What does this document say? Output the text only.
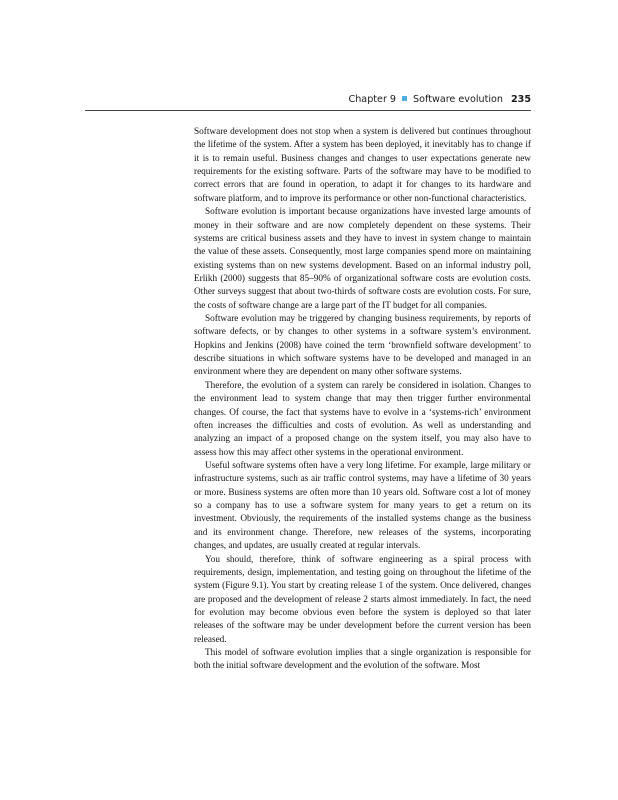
Chapter 9 Software evolution 235

Software development does not stop when a system is delivered but continues throughout the lifetime of the system. After a system has been deployed, it inevitably has to change if it is to remain useful. Business changes and changes to user expectations generate new requirements for the existing software. Parts of the software may have to be modified to correct errors that are found in operation, to adapt it for changes to its hardware and software platform, and to improve its performance or other non-functional characteristics.

Software evolution is important because organizations have invested large amounts of money in their software and are now completely dependent on these systems. Their systems are critical business assets and they have to invest in system change to maintain the value of these assets. Consequently, most large companies spend more on maintaining existing systems than on new systems development. Based on an informal industry poll, Erlikh (2000) suggests that 85–90% of organizational software costs are evolution costs. Other surveys suggest that about two-thirds of software costs are evolution costs. For sure, the costs of software change are a large part of the IT budget for all companies.

Software evolution may be triggered by changing business requirements, by reports of software defects, or by changes to other systems in a software system’s environment. Hopkins and Jenkins (2008) have coined the term ‘brownfield software development’ to describe situations in which software systems have to be developed and managed in an environment where they are dependent on many other software systems.

Therefore, the evolution of a system can rarely be considered in isolation. Changes to the environment lead to system change that may then trigger further environmental changes. Of course, the fact that systems have to evolve in a ‘systems-rich’ environment often increases the difficulties and costs of evolution. As well as understanding and analyzing an impact of a proposed change on the system itself, you may also have to assess how this may affect other systems in the operational environment.

Useful software systems often have a very long lifetime. For example, large military or infrastructure systems, such as air traffic control systems, may have a lifetime of 30 years or more. Business systems are often more than 10 years old. Software cost a lot of money so a company has to use a software system for many years to get a return on its investment. Obviously, the requirements of the installed systems change as the business and its environment change. Therefore, new releases of the systems, incorporating changes, and updates, are usually created at regular intervals.

You should, therefore, think of software engineering as a spiral process with requirements, design, implementation, and testing going on throughout the lifetime of the system (Figure 9.1). You start by creating release 1 of the system. Once delivered, changes are proposed and the development of release 2 starts almost immediately. In fact, the need for evolution may become obvious even before the system is deployed so that later releases of the software may be under development before the current version has been released.

This model of software evolution implies that a single organization is responsible for both the initial software development and the evolution of the software. Most
